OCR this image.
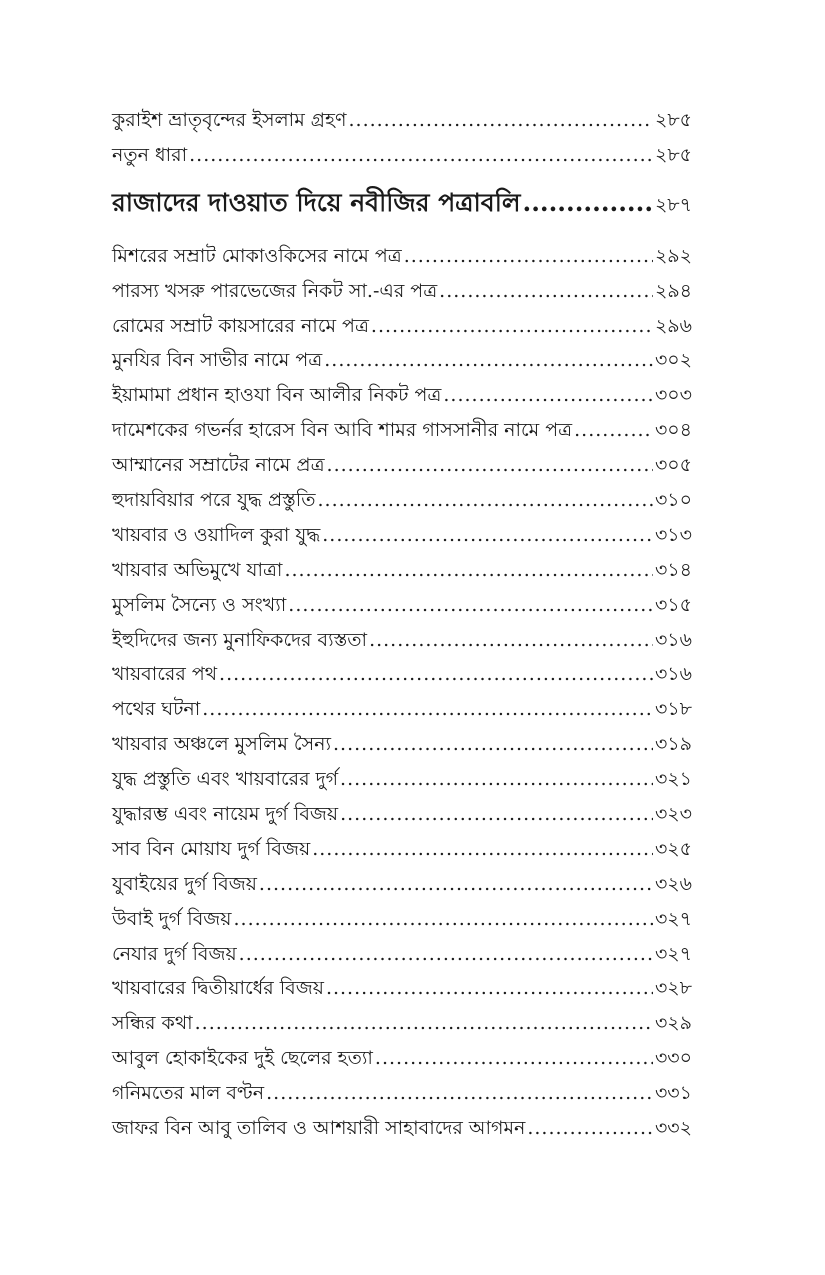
কুরাইশ ভ্রাতৃবৃন্দের ইসলাম গ্রহণ .....	২৮৫
নতুন ধারা .....	২৮৫
রাজাদের দাওয়াত দিয়ে নবীজির পত্রাবলি .....	২৮৭
মিশরের সম্রাট মোকাওকিসের নামে পত্র .....	২৯২
পারস্য খসরু পারভেজের নিকট সা.-এর পত্র .....	২৯৪
রোমের সম্রাট কায়সারের নামে পত্র .....	২৯৬
মুনযির বিন সাভীর নামে পত্র .....	৩০২
ইয়ামামা প্রধান হাওযা বিন আলীর নিকট পত্র .....	৩০৩
দামেশকের গভর্নর হারেস বিন আবি শামর গাসসানীর নামে পত্র .....	৩০৪
আম্মানের সম্রাটের নামে প্রত্র .....	৩০৫
হুদায়বিয়ার পরে যুদ্ধ প্রস্তুতি .....	৩১০
খায়বার ও ওয়াদিল কুরা যুদ্ধ .....	৩১৩
খায়বার অভিমুখে যাত্রা .....	৩১৪
মুসলিম সৈন্যে ও সংখ্যা .....	৩১৫
ইহুদিদের জন্য মুনাফিকদের ব্যস্ততা .....	৩১৬
খায়বারের পথ .....	৩১৬
পথের ঘটনা .....	৩১৮
খায়বার অঞ্চলে মুসলিম সৈন্য .....	৩১৯
যুদ্ধ প্রস্তুতি এবং খায়বারের দুর্গ .....	৩২১
যুদ্ধারম্ভ এবং নায়েম দুর্গ বিজয় .....	৩২৩
সাব বিন মোয়ায দুর্গ বিজয় .....	৩২৫
যুবাইয়ের দুর্গ বিজয় .....	৩২৬
উবাই দুর্গ বিজয় .....	৩২৭
নেযার দুর্গ বিজয় .....	৩২৭
খায়বারের দ্বিতীয়ার্ধের বিজয় .....	৩২৮
সন্ধির কথা .....	৩২৯
আবুল হোকাইকের দুই ছেলের হত্যা .....	৩৩০
গনিমতের মাল বণ্টন .....	৩৩১
জাফর বিন আবু তালিব ও আশয়ারী সাহাবাদের আগমন .....	৩৩২
